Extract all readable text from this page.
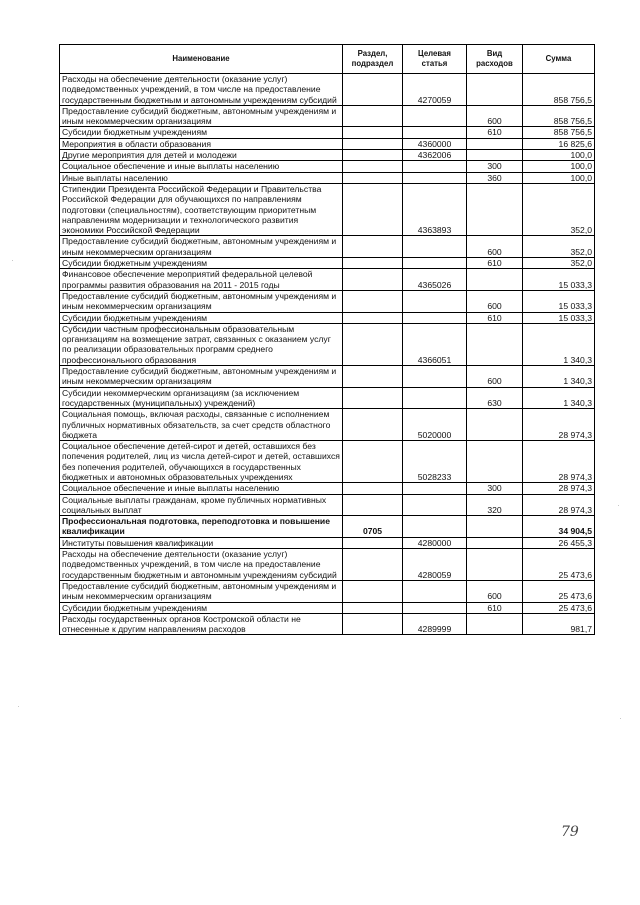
Наименование	Раздел, подраздел	Целевая статья	Вид расходов	Сумма
Расходы на обеспечение деятельности (оказание услуг) подведомственных учреждений, в том числе на предоставление государственным бюджетным и автономным учреждениям субсидий		4270059		858 756,5
Предоставление субсидий бюджетным, автономным учреждениям и иным некоммерческим организациям			600	858 756,5
Субсидии бюджетным учреждениям			610	858 756,5
Мероприятия в области образования		4360000		16 825,6
Другие мероприятия для детей и молодежи		4362006		100,0
Социальное обеспечение и иные выплаты населению			300	100,0
Иные выплаты населению			360	100,0
Стипендии Президента Российской Федерации и Правительства Российской Федерации для обучающихся по направлениям подготовки (специальностям), соответствующим приоритетным направлениям модернизации и технологического развития экономики Российской Федерации		4363893		352,0
Предоставление субсидий бюджетным, автономным учреждениям и иным некоммерческим организациям			600	352,0
Субсидии бюджетным учреждениям			610	352,0
Финансовое обеспечение мероприятий федеральной целевой программы развития образования на 2011 - 2015 годы		4365026		15 033,3
Предоставление субсидий бюджетным, автономным учреждениям и иным некоммерческим организациям			600	15 033,3
Субсидии бюджетным учреждениям			610	15 033,3
Субсидии частным профессиональным образовательным организациям на возмещение затрат, связанных с оказанием услуг по реализации образовательных программ среднего профессионального образования		4366051		1 340,3
Предоставление субсидий бюджетным, автономным учреждениям и иным некоммерческим организациям			600	1 340,3
Субсидии некоммерческим организациям (за исключением государственных (муниципальных) учреждений)			630	1 340,3
Социальная помощь, включая расходы, связанные с исполнением публичных нормативных обязательств, за счет средств областного бюджета		5020000		28 974,3
Социальное обеспечение детей-сирот и детей, оставшихся без попечения родителей, лиц из числа детей-сирот и детей, оставшихся без попечения родителей, обучающихся в государственных бюджетных и автономных образовательных учреждениях		5028233		28 974,3
Социальное обеспечение и иные выплаты населению			300	28 974,3
Социальные выплаты гражданам, кроме публичных нормативных социальных выплат			320	28 974,3
Профессиональная подготовка, переподготовка и повышение квалификации	0705			34 904,5
Институты повышения квалификации		4280000		26 455,3
Расходы на обеспечение деятельности (оказание услуг) подведомственных учреждений, в том числе на предоставление государственным бюджетным и автономным учреждениям субсидий		4280059		25 473,6
Предоставление субсидий бюджетным, автономным учреждениям и иным некоммерческим организациям			600	25 473,6
Субсидии бюджетным учреждениям			610	25 473,6
Расходы государственных органов Костромской области не отнесенные к другим направлениям расходов		4289999		981,7
79
